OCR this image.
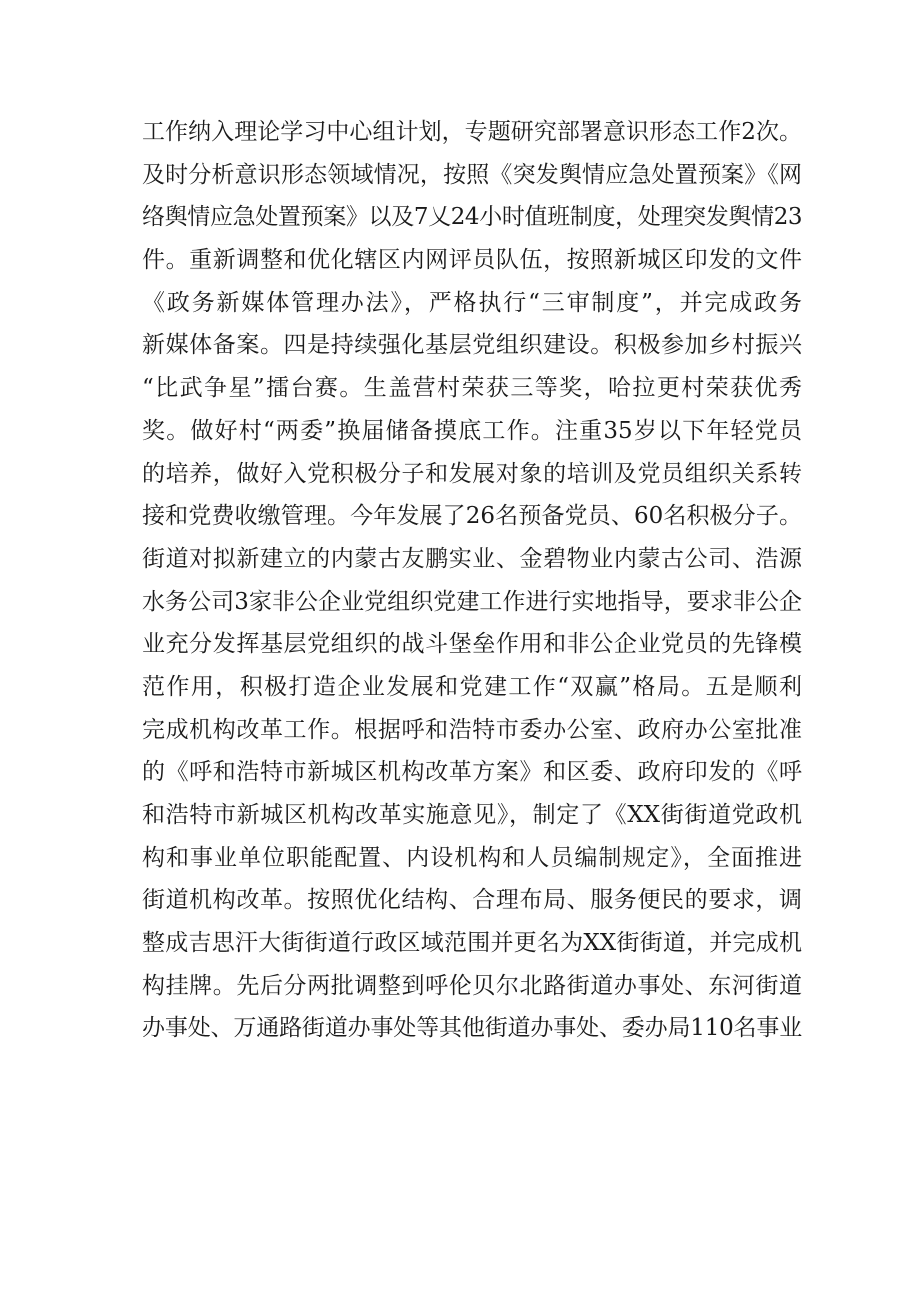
工作纳入理论学习中心组计划，专题研究部署意识形态工作2次。
及时分析意识形态领域情况，按照《突发舆情应急处置预案》《网
络舆情应急处置预案》以及7乂24小时值班制度，处理突发舆情23
件。重新调整和优化辖区内网评员队伍，按照新城区印发的文件
《政务新媒体管理办法》，严格执行“三审制度”，并完成政务
新媒体备案。四是持续强化基层党组织建设。积极参加乡村振兴
“比武争星”擂台赛。生盖营村荣获三等奖，哈拉更村荣获优秀
奖。做好村“两委”换届储备摸底工作。注重35岁以下年轻党员
的培养，做好入党积极分子和发展对象的培训及党员组织关系转
接和党费收缴管理。今年发展了26名预备党员、60名积极分子。
街道对拟新建立的内蒙古友鹏实业、金碧物业内蒙古公司、浩源
水务公司3家非公企业党组织党建工作进行实地指导，要求非公企
业充分发挥基层党组织的战斗堡垒作用和非公企业党员的先锋模
范作用，积极打造企业发展和党建工作“双赢”格局。五是顺利
完成机构改革工作。根据呼和浩特市委办公室、政府办公室批准
的《呼和浩特市新城区机构改革方案》和区委、政府印发的《呼
和浩特市新城区机构改革实施意见》，制定了《XX街街道党政机
构和事业单位职能配置、内设机构和人员编制规定》，全面推进
街道机构改革。按照优化结构、合理布局、服务便民的要求，调
整成吉思汗大街街道行政区域范围并更名为XX街街道，并完成机
构挂牌。先后分两批调整到呼伦贝尔北路街道办事处、东河街道
办事处、万通路街道办事处等其他街道办事处、委办局110名事业
